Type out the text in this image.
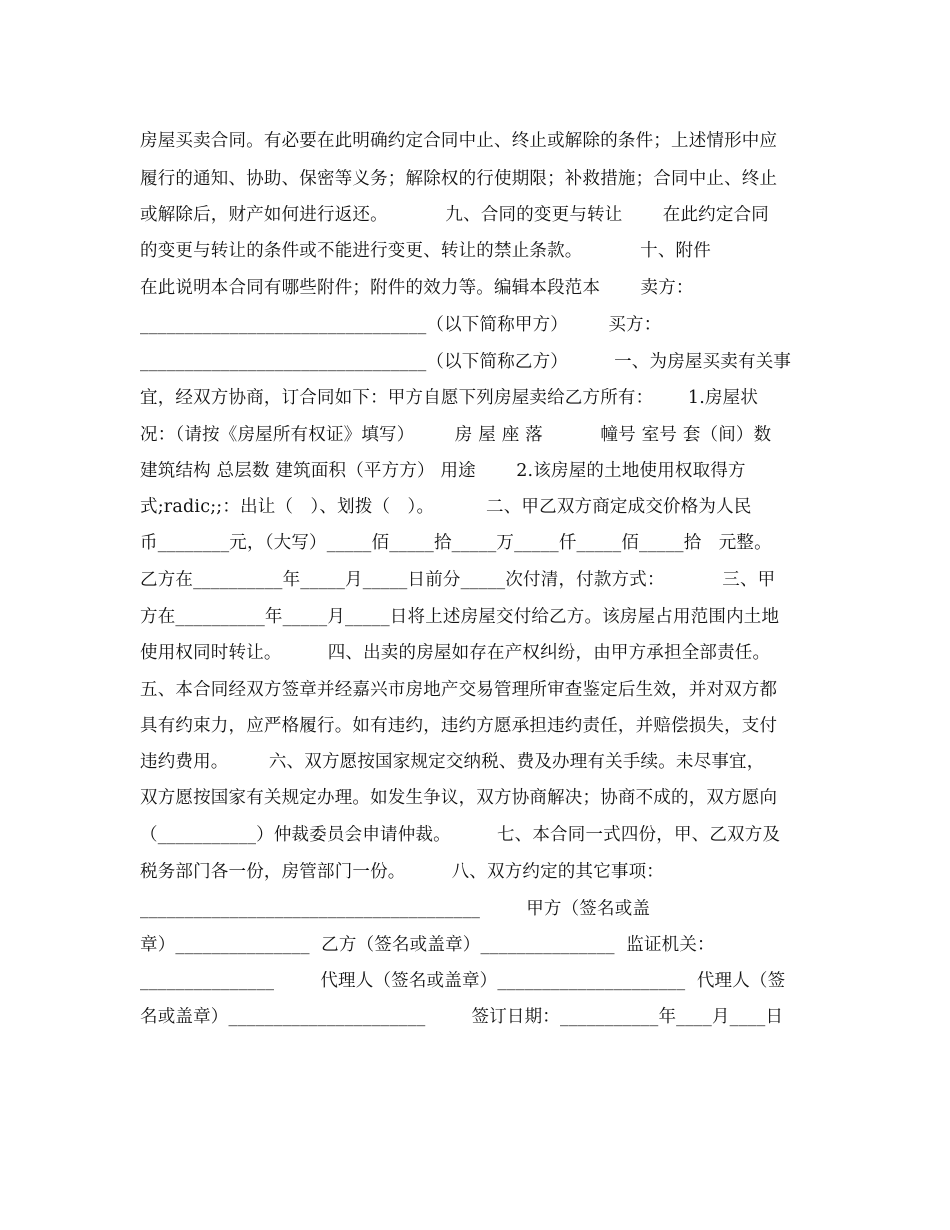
房屋买卖合同。有必要在此明确约定合同中止、终止或解除的条件；上述情形中应
履行的通知、协助、保密等义务；解除权的行使期限；补救措施；合同中止、终止
或解除后，财产如何进行返还。          九、合同的变更与转让       在此约定合同
的变更与转让的条件或不能进行变更、转让的禁止条款。          十、附件
在此说明本合同有哪些附件；附件的效力等。编辑本段范本       卖方：
________________________________（以下简称甲方）       买方：
________________________________（以下简称乙方）        一、为房屋买卖有关事
宜，经双方协商，订合同如下：甲方自愿下列房屋卖给乙方所有：      1.房屋状
况：（请按《房屋所有权证》填写）       房 屋 座 落          幢号 室号 套（间）数
建筑结构 总层数 建筑面积（平方方） 用途       2.该房屋的土地使用权取得方
式;radic;;：出让（   ）、划拨（   ）。         二、甲乙双方商定成交价格为人民
币________元，（大写）_____佰_____拾_____万_____仟_____佰_____拾   元整。
乙方在__________年_____月_____日前分_____次付清，付款方式：          三、甲
方在__________年_____月_____日将上述房屋交付给乙方。该房屋占用范围内土地
使用权同时转让。        四、出卖的房屋如存在产权纠纷，由甲方承担全部责任。
五、本合同经双方签章并经嘉兴市房地产交易管理所审查鉴定后生效，并对双方都
具有约束力，应严格履行。如有违约，违约方愿承担违约责任，并赔偿损失，支付
违约费用。       六、双方愿按国家规定交纳税、费及办理有关手续。未尽事宜，
双方愿按国家有关规定办理。如发生争议，双方协商解决；协商不成的，双方愿向
（___________）仲裁委员会申请仲裁。        七、本合同一式四份，甲、乙双方及
税务部门各一份，房管部门一份。        八、双方约定的其它事项：
______________________________________        甲方（签名或盖
章）_______________  乙方（签名或盖章）_______________  监证机关：
_______________        代理人（签名或盖章）_____________________  代理人（签
名或盖章）______________________        签订日期：___________年____月____日
